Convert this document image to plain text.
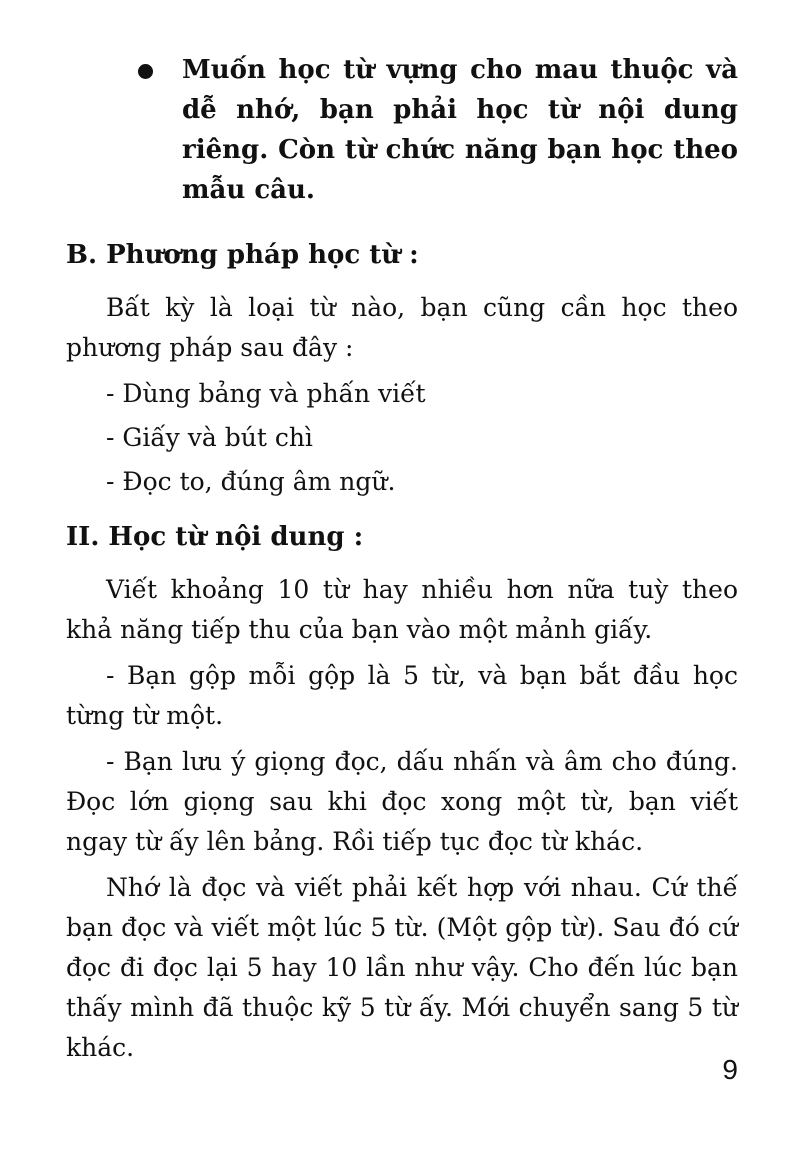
Muốn học từ vựng cho mau thuộc và dễ nhớ, bạn phải học từ nội dung riêng. Còn từ chức năng bạn học theo mẫu câu.
B. Phương pháp học từ :
Bất kỳ là loại từ nào, bạn cũng cần học theo phương pháp sau đây :
- Dùng bảng và phấn viết
- Giấy và bút chì
- Đọc to, đúng âm ngữ.
II. Học từ nội dung :
Viết khoảng 10 từ hay nhiều hơn nữa tuỳ theo khả năng tiếp thu của bạn vào một mảnh giấy.
- Bạn gộp mỗi gộp là 5 từ, và bạn bắt đầu học từng từ một.
- Bạn lưu ý giọng đọc, dấu nhấn và âm cho đúng. Đọc lớn giọng sau khi đọc xong một từ, bạn viết ngay từ ấy lên bảng. Rồi tiếp tục đọc từ khác.
Nhớ là đọc và viết phải kết hợp với nhau. Cứ thế bạn đọc và viết một lúc 5 từ. (Một gộp từ). Sau đó cứ đọc đi đọc lại 5 hay 10 lần như vậy. Cho đến lúc bạn thấy mình đã thuộc kỹ 5 từ ấy. Mới chuyển sang 5 từ khác.
9
